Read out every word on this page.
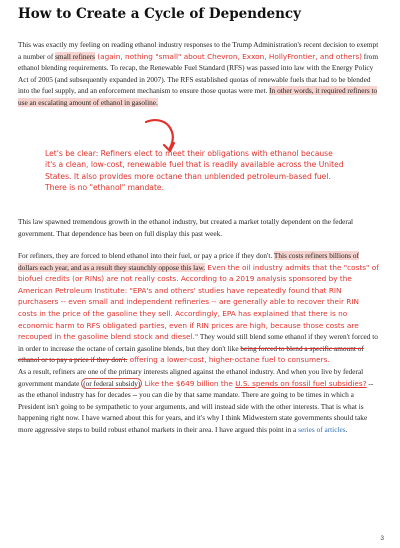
How to Create a Cycle of Dependency

This was exactly my feeling on reading ethanol industry responses to the Trump Administration's recent decision to exempt a number of small refiners (again, nothing "small" about Chevron, Exxon, HollyFrontier, and others) from ethanol blending requirements. To recap, the Renewable Fuel Standard (RFS) was passed into law with the Energy Policy Act of 2005 (and subsequently expanded in 2007). The RFS established quotas of renewable fuels that had to be blended into the fuel supply, and an enforcement mechanism to ensure those quotas were met. In other words, it required refiners to use an escalating amount of ethanol in gasoline.

Let's be clear: Refiners elect to meet their obligations with ethanol because it's a clean, low-cost, renewable fuel that is readily available across the United States. It also provides more octane than unblended petroleum-based fuel. There is no "ethanol" mandate.

This law spawned tremendous growth in the ethanol industry, but created a market totally dependent on the federal government. That dependence has been on full display this past week.

For refiners, they are forced to blend ethanol into their fuel, or pay a price if they don't. This costs refiners billions of dollars each year, and as a result they staunchly oppose this law. Even the oil industry admits that the "costs" of biofuel credits (or RINs) are not really costs. According to a 2019 analysis sponsored by the American Petroleum Institute: "EPA's and others' studies have repeatedly found that RIN purchasers -- even small and independent refineries -- are generally able to recover their RIN costs in the price of the gasoline they sell. Accordingly, EPA has explained that there is no economic harm to RFS obligated parties, even if RIN prices are high, because those costs are recouped in the gasoline blend stock and diesel." They would still blend some ethanol if they weren't forced to in order to increase the octane of certain gasoline blends, but they don't like being forced to blend a specific amount of ethanol or to pay a price if they don't. offering a lower-cost, higher-octane fuel to consumers.

As a result, refiners are one of the primary interests aligned against the ethanol industry. And when you live by federal government mandate (or federal subsidy) Like the $649 billion the U.S. spends on fossil fuel subsidies? -- as the ethanol industry has for decades -- you can die by that same mandate. There are going to be times in which a President isn't going to be sympathetic to your arguments, and will instead side with the other interests. That is what is happening right now. I have warned about this for years, and it's why I think Midwestern state governments should take more aggressive steps to build robust ethanol markets in their area. I have argued this point in a series of articles.

3
